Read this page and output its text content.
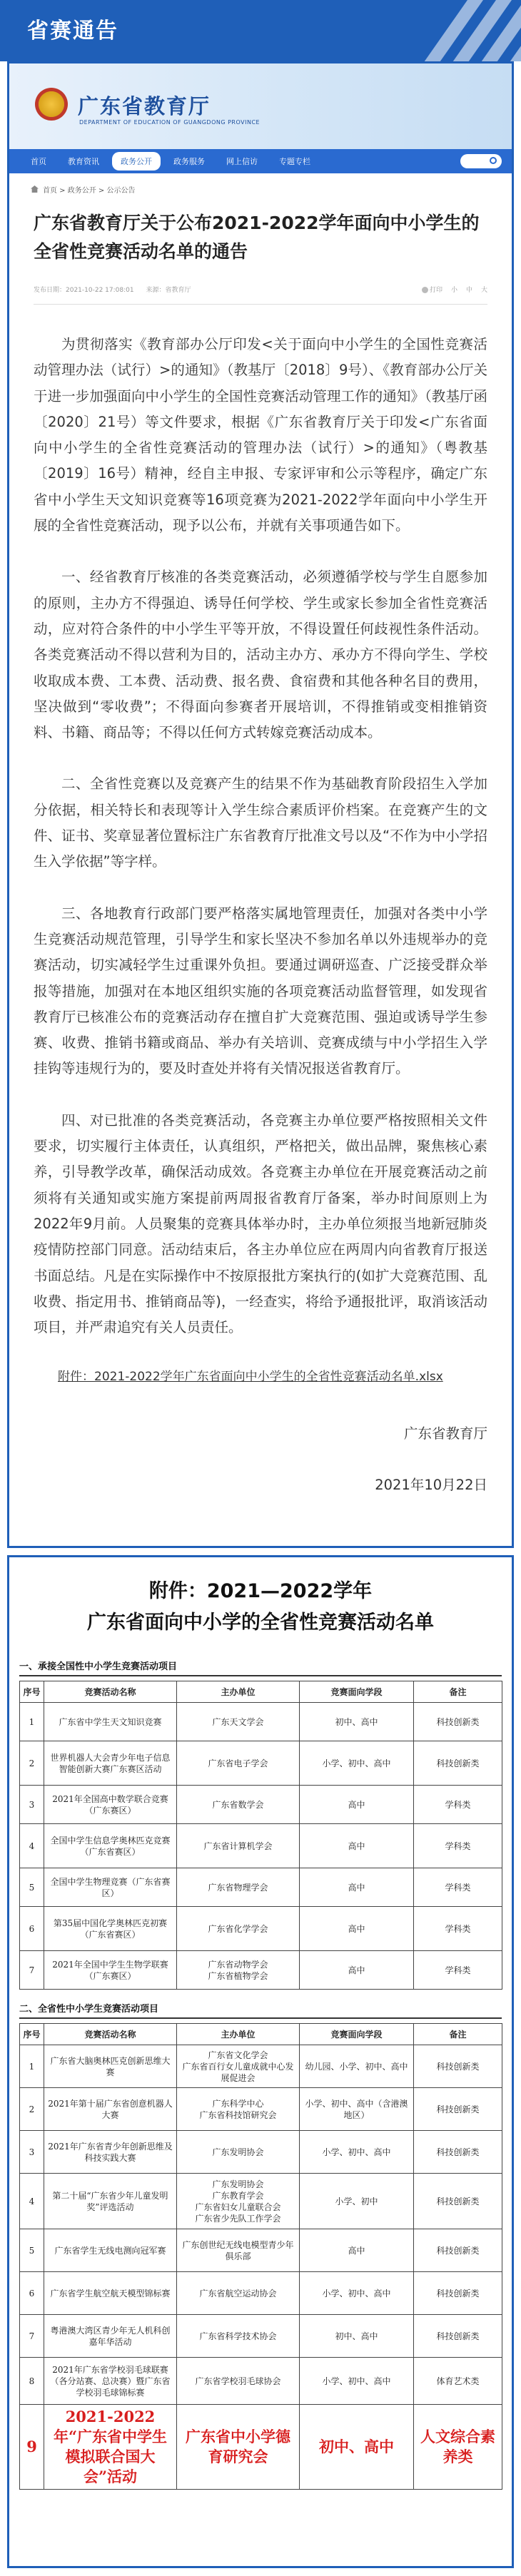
省赛通告
广东省教育厅
DEPARTMENT OF EDUCATION OF GUANGDONG PROVINCE
首页	教育资讯	政务公开	政务服务	网上信访	专题专栏
首页 > 政务公开 > 公示公告
广东省教育厅关于公布2021-2022学年面向中小学生的全省性竞赛活动名单的通告
发布日期：2021-10-22 17:08:01 来源：省教育厅	打印 小 中 大

为贯彻落实《教育部办公厅印发<关于面向中小学生的全国性竞赛活动管理办法（试行）>的通知》（教基厅〔2018〕9号）、《教育部办公厅关于进一步加强面向中小学生的全国性竞赛活动管理工作的通知》（教基厅函〔2020〕21号）等文件要求，根据《广东省教育厅关于印发<广东省面向中小学生的全省性竞赛活动的管理办法（试行）>的通知》（粤教基〔2019〕16号）精神，经自主申报、专家评审和公示等程序，确定广东省中小学生天文知识竞赛等16项竞赛为2021-2022学年面向中小学生开展的全省性竞赛活动，现予以公布，并就有关事项通告如下。

一、经省教育厅核准的各类竞赛活动，必须遵循学校与学生自愿参加的原则，主办方不得强迫、诱导任何学校、学生或家长参加全省性竞赛活动，应对符合条件的中小学生平等开放，不得设置任何歧视性条件活动。各类竞赛活动不得以营利为目的，活动主办方、承办方不得向学生、学校收取成本费、工本费、活动费、报名费、食宿费和其他各种名目的费用，坚决做到“零收费”；不得面向参赛者开展培训，不得推销或变相推销资料、书籍、商品等；不得以任何方式转嫁竞赛活动成本。

二、全省性竞赛以及竞赛产生的结果不作为基础教育阶段招生入学加分依据，相关特长和表现等计入学生综合素质评价档案。在竞赛产生的文件、证书、奖章显著位置标注广东省教育厅批准文号以及“不作为中小学招生入学依据”等字样。

三、各地教育行政部门要严格落实属地管理责任，加强对各类中小学生竞赛活动规范管理，引导学生和家长坚决不参加名单以外违规举办的竞赛活动，切实减轻学生过重课外负担。要通过调研巡查、广泛接受群众举报等措施，加强对在本地区组织实施的各项竞赛活动监督管理，如发现省教育厅已核准公布的竞赛活动存在擅自扩大竞赛范围、强迫或诱导学生参赛、收费、推销书籍或商品、举办有关培训、竞赛成绩与中小学招生入学挂钩等违规行为的，要及时查处并将有关情况报送省教育厅。

四、对已批准的各类竞赛活动，各竞赛主办单位要严格按照相关文件要求，切实履行主体责任，认真组织，严格把关，做出品牌，聚焦核心素养，引导教学改革，确保活动成效。各竞赛主办单位在开展竞赛活动之前须将有关通知或实施方案提前两周报省教育厅备案，举办时间原则上为2022年9月前。人员聚集的竞赛具体举办时，主办单位须报当地新冠肺炎疫情防控部门同意。活动结束后，各主办单位应在两周内向省教育厅报送书面总结。凡是在实际操作中不按原报批方案执行的(如扩大竞赛范围、乱收费、指定用书、推销商品等)，一经查实，将给予通报批评，取消该活动项目，并严肃追究有关人员责任。

附件：2021-2022学年广东省面向中小学生的全省性竞赛活动名单.xlsx
广东省教育厅
2021年10月22日
附件：2021—2022学年
广东省面向中小学的全省性竞赛活动名单
一、承接全国性中小学生竞赛活动项目
序号	竞赛活动名称	主办单位	竞赛面向学段	备注
1	广东省中学生天文知识竞赛	广东天文学会	初中、高中	科技创新类
2	世界机器人大会青少年电子信息智能创新大赛广东赛区活动	广东省电子学会	小学、初中、高中	科技创新类
3	2021年全国高中数学联合竞赛（广东赛区）	广东省数学会	高中	学科类
4	全国中学生信息学奥林匹克竞赛（广东省赛区）	广东省计算机学会	高中	学科类
5	全国中学生物理竞赛（广东省赛区）	广东省物理学会	高中	学科类
6	第35届中国化学奥林匹克初赛（广东省赛区）	广东省化学学会	高中	学科类
7	2021年全国中学生生物学联赛（广东赛区）	广东省动物学会
广东省植物学会	高中	学科类
二、全省性中小学生竞赛活动项目
序号	竞赛活动名称	主办单位	竞赛面向学段	备注
1	广东省大脑奥林匹克创新思维大赛	广东省文化学会
广东省百行女儿童成就中心发展促进会	幼儿园、小学、初中、高中	科技创新类
2	2021年第十届广东省创意机器人大赛	广东科学中心
广东省科技馆研究会	小学、初中、高中（含港澳地区）	科技创新类
3	2021年广东省青少年创新思维及科技实践大赛	广东发明协会	小学、初中、高中	科技创新类
4	第二十届“广东省少年儿童发明奖”评选活动	广东发明协会
广东教育学会
广东省妇女儿童联合会
广东省少先队工作学会	小学、初中	科技创新类
5	广东省学生无线电测向冠军赛	广东创世纪无线电模型青少年俱乐部	高中	科技创新类
6	广东省学生航空航天模型锦标赛	广东省航空运动协会	小学、初中、高中	科技创新类
7	粤港澳大湾区青少年无人机科创嘉年华活动	广东省科学技术协会	初中、高中	科技创新类
8	2021年广东省学校羽毛球联赛（各分站赛、总决赛）暨广东省学校羽毛球锦标赛	广东省学校羽毛球协会	小学、初中、高中	体育艺术类
9	2021-2022年“广东省中学生模拟联合国大会”活动	广东省中小学德育研究会	初中、高中	人文综合素养类
